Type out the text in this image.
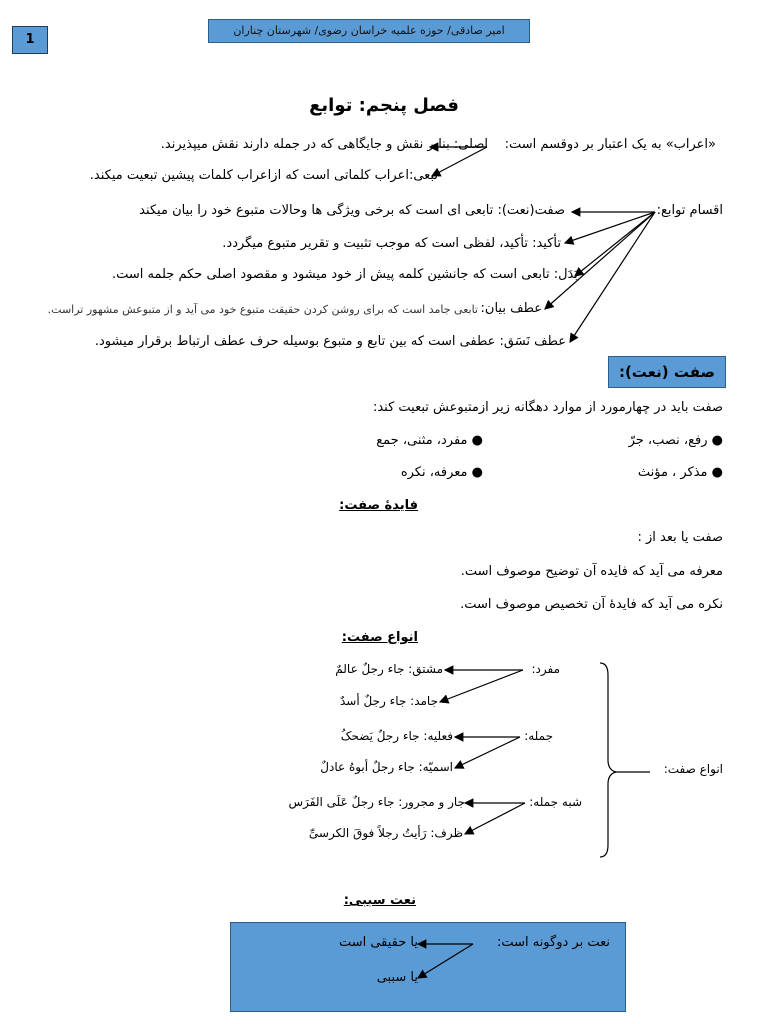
امیر صادقی/ حوزه علمیه خراسان رضوی/ شهرستان چناران
1
فصل پنجم: توابع
«اعراب» به یک اعتبار بر دوقسم است:
اصلی: بنابر نقش و جایگاهی که در جمله دارند نقش میپذیرند.
تبعی:اعراب کلماتی است که ازاعراب کلمات پیشین تبعیت میکند.
اقسام توابع:
صفت(نعت): تابعی ای است که برخی ویژگی ها وحالات متبوع خود را بیان میکند
تأکید: تأکید، لفظی است که موجب تثبیت و تقریر متبوع میگردد.
بَدَل: تابعی است که جانشین کلمه پیش از خود میشود و مقصود اصلی حکم جلمه است.
عطف بیان:
تابعی جامد است که برای روشن کردن حقیقت متبوع خود می آید و از متبوعش مشهور تراست.
عطف نَسَق: عطفی است که بین تابع و متبوع بوسیله حرف عطف ارتباط برقرار میشود.
صفت (نعت):
صفت باید در چهارمورد از موارد دهگانه زیر ازمتبوعش تبعیت کند:
● رفع، نصب، جرّ
● مفرد، مثنی، جمع
● مذکر ، مؤنث
● معرفه، نکره
فایدهٔ صفت:
صفت یا بعد از :
معرفه می آید که فایده آن توضیح موصوف است.
نکره می آید که فایدهٔ آن تخصیص موصوف است.
انواع صفت:
انواع صفت:
مفرد:
مشتق: جاء رجلٌ عالمٌ
جامد: جاء رجلٌ أسدٌ
جمله:
فعلیه: جاء رجلٌ يَضحکُ
اسمیّه: جاء رجلٌ أبوهُ عادلٌ
شبه جمله:
جار و مجرور: جاء رجلٌ عَلَی الفَرَس
ظرف: رَأیتُ رجلاً فوقَ الکرسیِّ
نعت سببی:
نعت بر دوگونه است:
یا حقیقی است
یا سببی
